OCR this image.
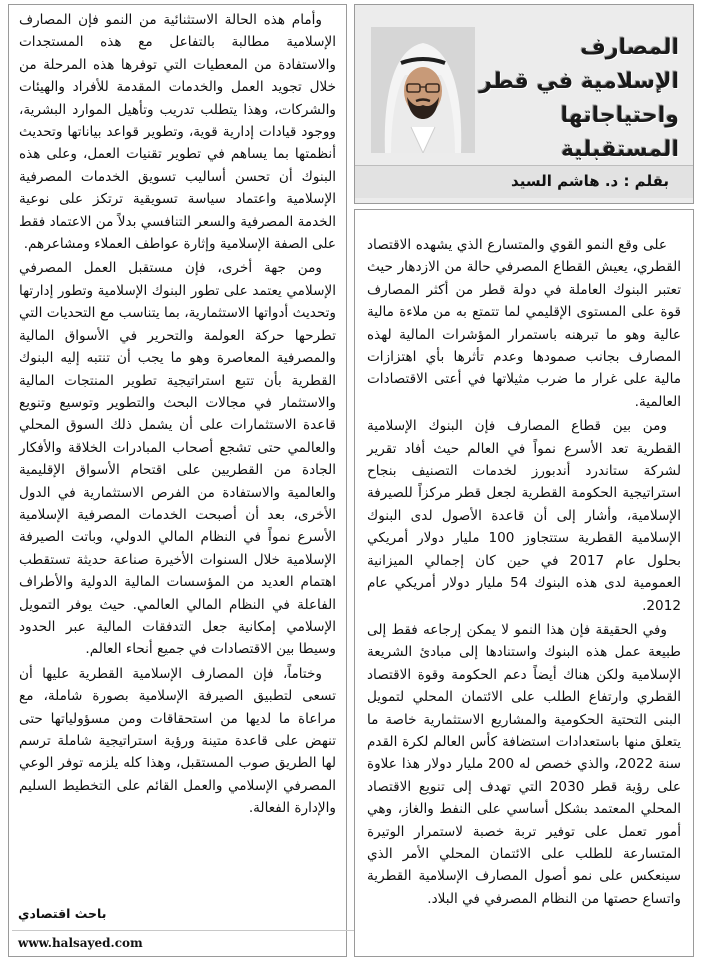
وأمام هذه الحالة الاستثنائية من النمو فإن المصارف الإسلامية مطالبة بالتفاعل مع هذه المستجدات والاستفادة من المعطيات التي توفرها هذه المرحلة من خلال تجويد العمل والخدمات المقدمة للأفراد والهيئات والشركات، وهذا يتطلب تدريب وتأهيل الموارد البشرية، ووجود قيادات إدارية قوية، وتطوير قواعد بياناتها وتحديث أنظمتها بما يساهم في تطوير تقنيات العمل، وعلى هذه البنوك أن تحسن أساليب تسويق الخدمات المصرفية الإسلامية واعتماد سياسة تسويقية ترتكز على نوعية الخدمة المصرفية والسعر التنافسي بدلاً من الاعتماد فقط على الصفة الإسلامية وإثارة عواطف العملاء ومشاعرهم.

ومن جهة أخرى، فإن مستقبل العمل المصرفي الإسلامي يعتمد على تطور البنوك الإسلامية وتطور إدارتها وتحديث أدواتها الاستثمارية، بما يتناسب مع التحديات التي تطرحها حركة العولمة والتحرير في الأسواق المالية والمصرفية المعاصرة وهو ما يجب أن تنتبه إليه البنوك القطرية بأن تتبع استراتيجية تطوير المنتجات المالية والاستثمار في مجالات البحث والتطوير وتوسيع وتنويع قاعدة الاستثمارات على أن يشمل ذلك السوق المحلي والعالمي حتى تشجع أصحاب المبادرات الخلاقة والأفكار الجادة من القطريين على اقتحام الأسواق الإقليمية والعالمية والاستفادة من الفرص الاستثمارية في الدول الأخرى، بعد أن أصبحت الخدمات المصرفية الإسلامية الأسرع نمواً في النظام المالي الدولي، وباتت الصيرفة الإسلامية خلال السنوات الأخيرة صناعة حديثة تستقطب اهتمام العديد من المؤسسات المالية الدولية والأطراف الفاعلة في النظام المالي العالمي. حيث يوفر التمويل الإسلامي إمكانية جعل التدفقات المالية عبر الحدود وسيطا بين الاقتصادات في جميع أنحاء العالم.

وختاماً، فإن المصارف الإسلامية القطرية عليها أن تسعى لتطبيق الصيرفة الإسلامية بصورة شاملة، مع مراعاة ما لديها من استحقاقات ومن مسؤولياتها حتى تنهض على قاعدة متينة ورؤية استراتيجية شاملة ترسم لها الطريق صوب المستقبل، وهذا كله يلزمه توفر الوعي المصرفي الإسلامي والعمل القائم على التخطيط السليم والإدارة الفعالة.

باحث اقتصادي
www.halsayed.com
المصارف الإسلامية في قطر
واحتياجاتها المستقبلية
بقلم : د. هاشم السيد

على وقع النمو القوي والمتسارع الذي يشهده الاقتصاد القطري، يعيش القطاع المصرفي حالة من الازدهار حيث تعتبر البنوك العاملة في دولة قطر من أكثر المصارف قوة على المستوى الإقليمي لما تتمتع به من ملاءة مالية عالية وهو ما تبرهنه باستمرار المؤشرات المالية لهذه المصارف بجانب صمودها وعدم تأثرها بأي اهتزازات مالية على غرار ما ضرب مثيلاتها في أعتى الاقتصادات العالمية.

ومن بين قطاع المصارف فإن البنوك الإسلامية القطرية تعد الأسرع نمواً في العالم حيث أفاد تقرير لشركة ستاندرد أندبورز لخدمات التصنيف بنجاح استراتيجية الحكومة القطرية لجعل قطر مركزاً للصيرفة الإسلامية، وأشار إلى أن قاعدة الأصول لدى البنوك الإسلامية القطرية ستتجاوز 100 مليار دولار أمريكي بحلول عام 2017 في حين كان إجمالي الميزانية العمومية لدى هذه البنوك 54 مليار دولار أمريكي عام 2012.

وفي الحقيقة فإن هذا النمو لا يمكن إرجاعه فقط إلى طبيعة عمل هذه البنوك واستنادها إلى مبادئ الشريعة الإسلامية ولكن هناك أيضاً دعم الحكومة وقوة الاقتصاد القطري وارتفاع الطلب على الائتمان المحلي لتمويل البنى التحتية الحكومية والمشاريع الاستثمارية خاصة ما يتعلق منها باستعدادات استضافة كأس العالم لكرة القدم سنة 2022، والذي خصص له 200 مليار دولار هذا علاوة على رؤية قطر 2030 التي تهدف إلى تنويع الاقتصاد المحلي المعتمد بشكل أساسي على النفط والغاز، وهي أمور تعمل على توفير تربة خصبة لاستمرار الوتيرة المتسارعة للطلب على الائتمان المحلي الأمر الذي سينعكس على نمو أصول المصارف الإسلامية القطرية واتساع حصتها من النظام المصرفي في البلاد.
